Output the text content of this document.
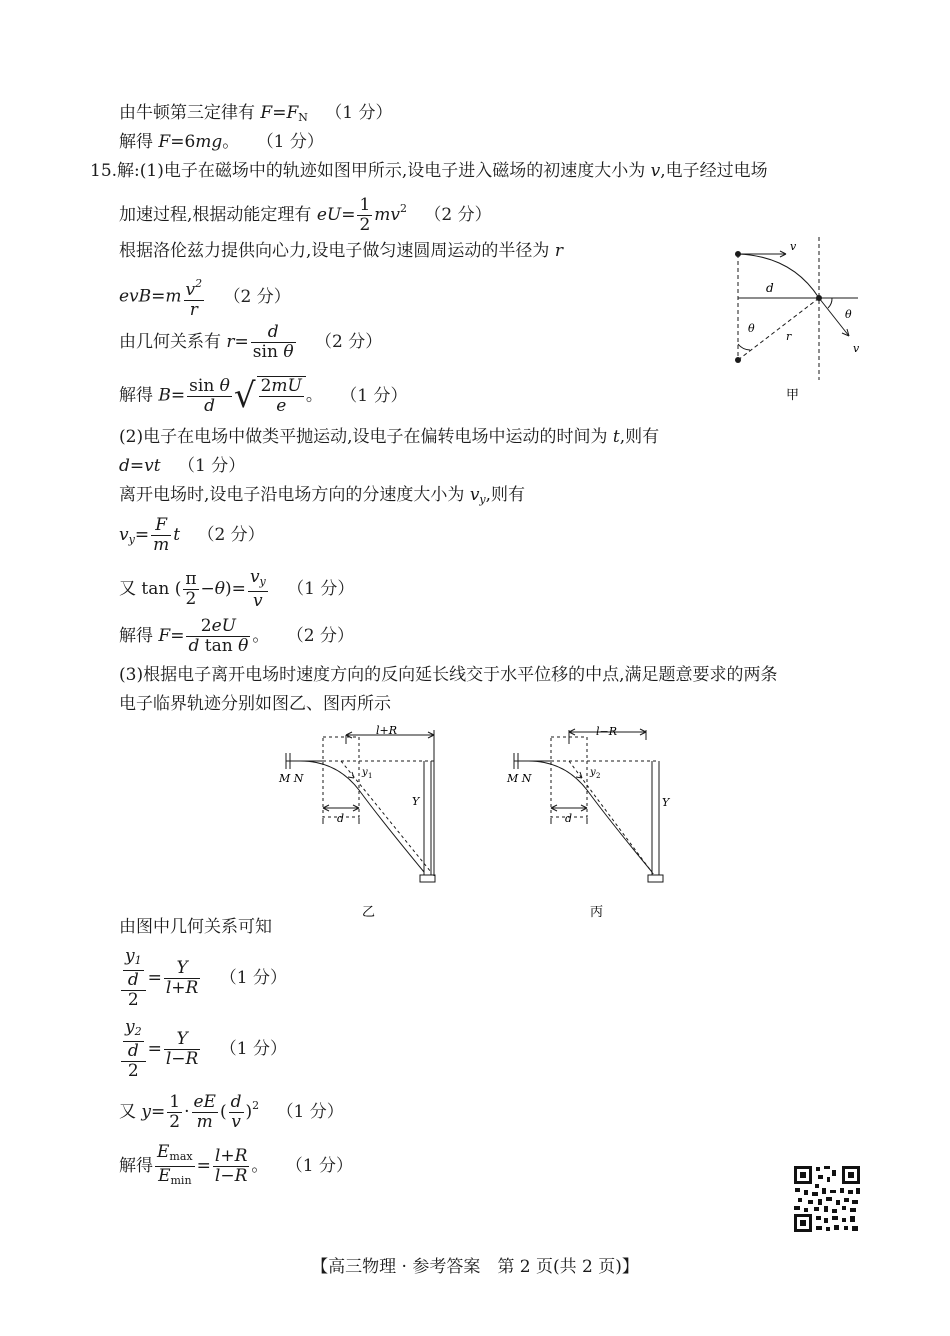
由牛顿第三定律有 $F=F_N$ （1 分）
解得 F=6mg。 （1 分）
15.解:(1)电子在磁场中的轨迹如图甲所示,设电子进入磁场的初速度大小为 v,电子经过电场
加速过程,根据动能定理有 $eU= \frac{1}{2} mv^2$ （2 分）
根据洛伦兹力提供向心力,设电子做匀速圆周运动的半径为 r
$evB=m \frac{v^2}{r} (2$ 分）
由几何关系有 $r= \frac{d}{\text{sin θ}} (2$ 分）
解得 $B= \frac{\text{sin θ}}{d}$ √ $\frac{2mU}{e}$ 。 （1 分）
(2)电子在电场中做类平抛运动,设电子在偏转电场中运动的时间为 t,则有
d=vt （1 分）
离开电场时,设电子沿电场方向的分速度大小为 $v_y$,则有
$v_y= \frac{F}{m}$ t （2 分）
又 tan ( $\frac{\pi}{2} -\theta)= \frac{v_y}{v} (1$ 分）
解得 $F= \frac{2eU}{\text{d tan θ}}$ 。 （2 分）
(3)根据电子离开电场时速度方向的反向延长线交于水平位移的中点,满足题意要求的两条
电子临界轨迹分别如图乙、图丙所示
由图中几何关系可知
$\frac{\frac{y_1}{d}}{2} = \frac{Y}{l+R} (1$ 分）
$\frac{\frac{y_2}{d}}{2} = \frac{Y}{l-R} (1$ 分）
又 $y= \frac{1}{2} \cdot \frac{eE}{m}$ ( $\frac{d}{v} )^2$ （1 分）
解得 $\frac{E_{max}}{E_{min}} = \frac{l+R}{l-R}$ 。 （1 分）
v
d
θ
θ
r
v
甲
l+R
M N	y 1
Y
d
乙
l−R
M N	y 2
Y
d
丙
【高三物理 · 参考答案　第 2 页(共 2 页)】
